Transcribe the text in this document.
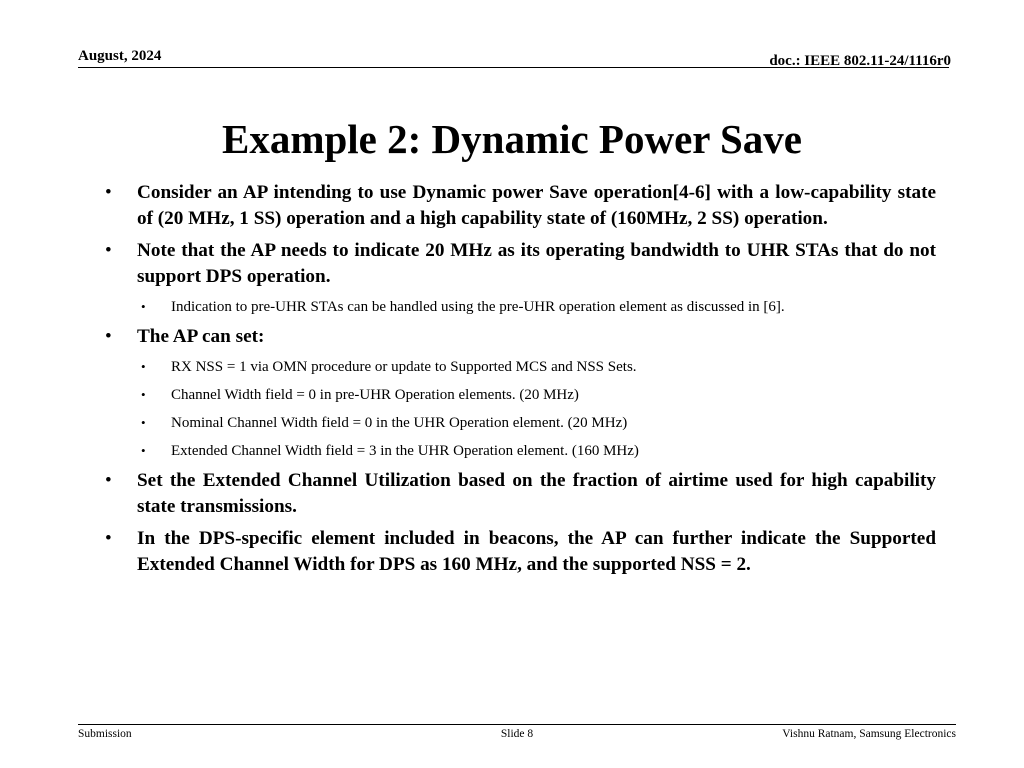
August, 2024	doc.: IEEE 802.11-24/1116r0
Example 2: Dynamic Power Save
• Consider an AP intending to use Dynamic power Save operation[4-6] with a low-capability state of (20 MHz, 1 SS) operation and a high capability state of (160MHz, 2 SS) operation.
• Note that the AP needs to indicate 20 MHz as its operating bandwidth to UHR STAs that do not support DPS operation.
• Indication to pre-UHR STAs can be handled using the pre-UHR operation element as discussed in [6].
• The AP can set:
• RX NSS = 1 via OMN procedure or update to Supported MCS and NSS Sets.
• Channel Width field = 0 in pre-UHR Operation elements. (20 MHz)
• Nominal Channel Width field = 0 in the UHR Operation element. (20 MHz)
• Extended Channel Width field = 3 in the UHR Operation element. (160 MHz)
• Set the Extended Channel Utilization based on the fraction of airtime used for high capability state transmissions.
• In the DPS-specific element included in beacons, the AP can further indicate the Supported Extended Channel Width for DPS as 160 MHz, and the supported NSS = 2.
Submission	Slide 8	Vishnu Ratnam, Samsung Electronics
